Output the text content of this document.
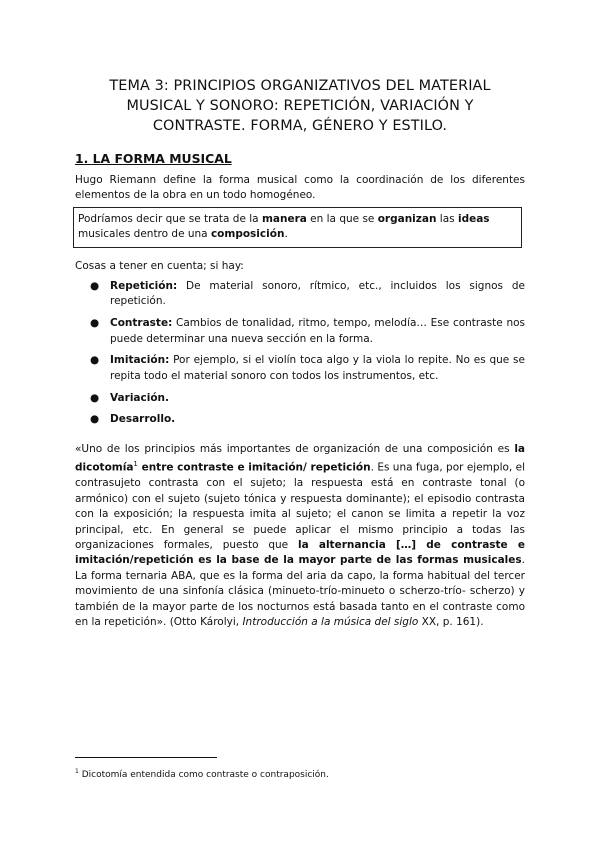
TEMA 3: PRINCIPIOS ORGANIZATIVOS DEL MATERIAL
MUSICAL Y SONORO: REPETICIÓN, VARIACIÓN Y
CONTRASTE. FORMA, GÉNERO Y ESTILO.
1. LA FORMA MUSICAL
Hugo Riemann define la forma musical como la coordinación de los diferentes elementos de la obra en un todo homogéneo.
Podríamos decir que se trata de la manera en la que se organizan las ideas musicales dentro de una composición.
Cosas a tener en cuenta; si hay:
● Repetición: De material sonoro, rítmico, etc., incluidos los signos de repetición.
● Contraste: Cambios de tonalidad, ritmo, tempo, melodía… Ese contraste nos puede determinar una nueva sección en la forma.
● Imitación: Por ejemplo, si el violín toca algo y la viola lo repite. No es que se repita todo el material sonoro con todos los instrumentos, etc.
● Variación.
● Desarrollo.
«Uno de los principios más importantes de organización de una composición es la dicotomía$^1$ entre contraste e imitación/ repetición. Es una fuga, por ejemplo, el contrasujeto contrasta con el sujeto; la respuesta está en contraste tonal (o armónico) con el sujeto (sujeto tónica y respuesta dominante); el episodio contrasta con la exposición; la respuesta imita al sujeto; el canon se limita a repetir la voz principal, etc. En general se puede aplicar el mismo principio a todas las organizaciones formales, puesto que la alternancia […] de contraste e imitación/repetición es la base de la mayor parte de las formas musicales. La forma ternaria ABA, que es la forma del aria da capo, la forma habitual del tercer movimiento de una sinfonía clásica (minueto-trío-minueto o scherzo-trío- scherzo) y también de la mayor parte de los nocturnos está basada tanto en el contraste como en la repetición». (Otto Károlyi, Introducción a la música del siglo XX, p. 161).
$^1$ Dicotomía entendida como contraste o contraposición.
